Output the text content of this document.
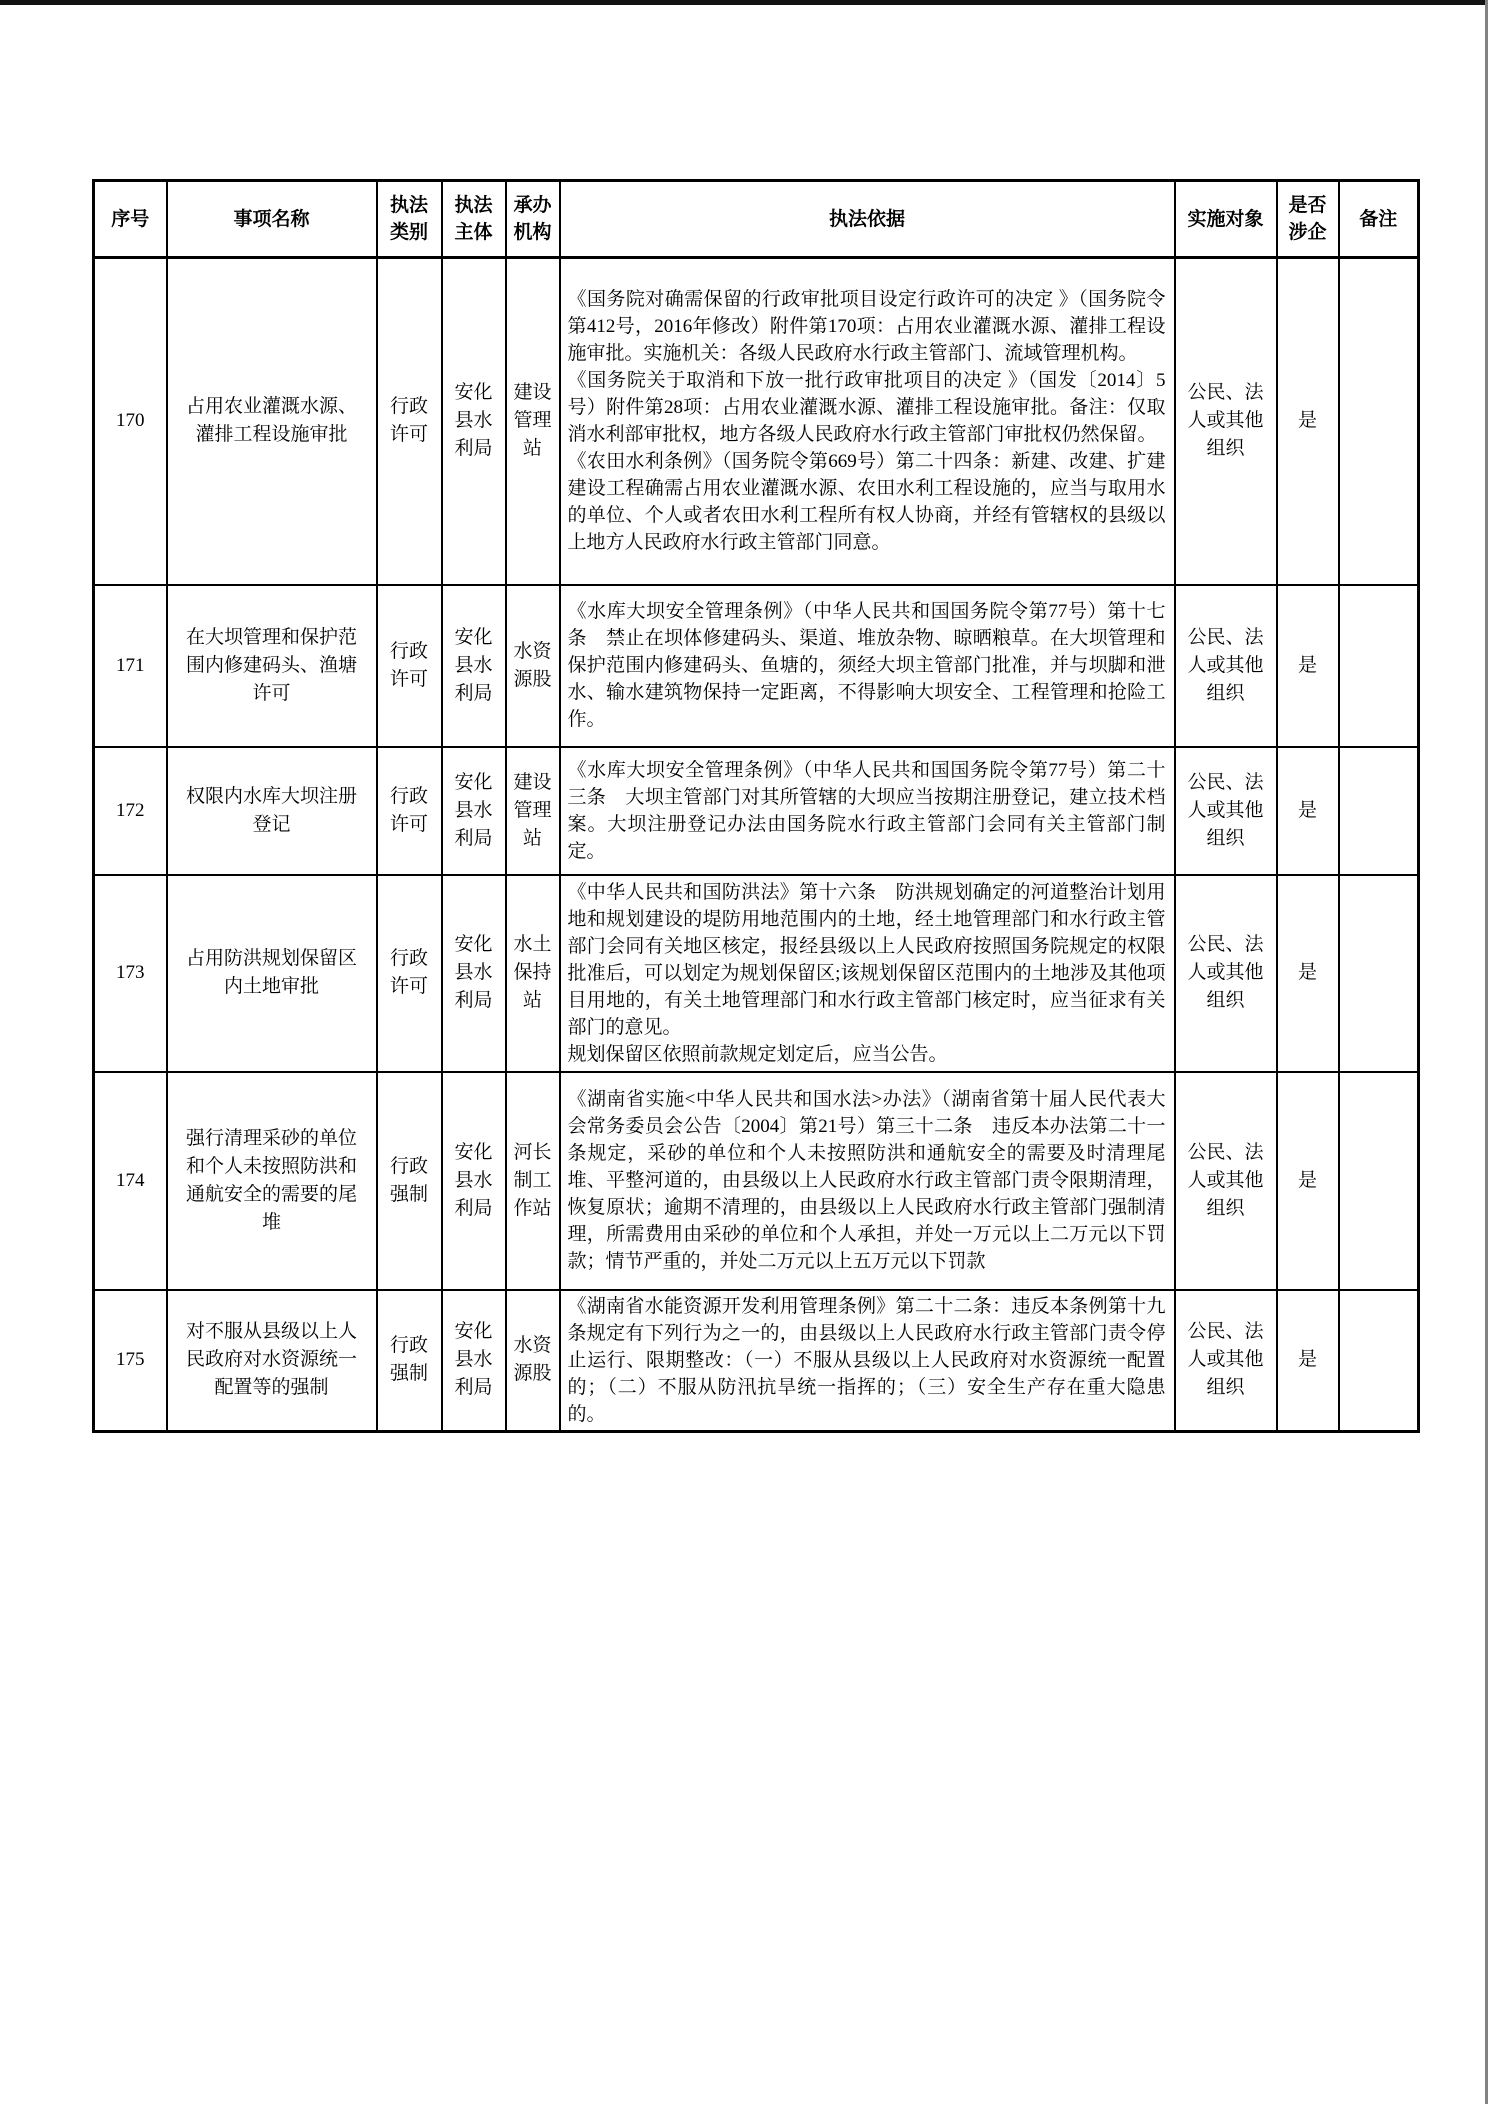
序号	事项名称	执法类别	执法主体	承办机构	执法依据	实施对象	是否涉企	备注
170	占用农业灌溉水源、灌排工程设施审批	行政许可	安化县水利局	建设管理站	《国务院对确需保留的行政审批项目设定行政许可的决定 》（国务院令第412号，2016年修改）附件第170项：占用农业灌溉水源、灌排工程设施审批。实施机关：各级人民政府水行政主管部门、流域管理机构。
《国务院关于取消和下放一批行政审批项目的决定 》（国发〔2014〕5号）附件第28项：占用农业灌溉水源、灌排工程设施审批。备注：仅取消水利部审批权，地方各级人民政府水行政主管部门审批权仍然保留。
《农田水利条例》（国务院令第669号）第二十四条：新建、改建、扩建建设工程确需占用农业灌溉水源、农田水利工程设施的，应当与取用水的单位、个人或者农田水利工程所有权人协商，并经有管辖权的县级以上地方人民政府水行政主管部门同意。	公民、法人或其他组织	是	
171	在大坝管理和保护范围内修建码头、渔塘许可	行政许可	安化县水利局	水资源股	《水库大坝安全管理条例》（中华人民共和国国务院令第77号）第十七条　禁止在坝体修建码头、渠道、堆放杂物、晾晒粮草。在大坝管理和保护范围内修建码头、鱼塘的，须经大坝主管部门批准，并与坝脚和泄水、输水建筑物保持一定距离，不得影响大坝安全、工程管理和抢险工作。	公民、法人或其他组织	是	
172	权限内水库大坝注册登记	行政许可	安化县水利局	建设管理站	《水库大坝安全管理条例》（中华人民共和国国务院令第77号）第二十三条　大坝主管部门对其所管辖的大坝应当按期注册登记，建立技术档案。大坝注册登记办法由国务院水行政主管部门会同有关主管部门制定。	公民、法人或其他组织	是	
173	占用防洪规划保留区内土地审批	行政许可	安化县水利局	水土保持站	《中华人民共和国防洪法》第十六条　防洪规划确定的河道整治计划用地和规划建设的堤防用地范围内的土地，经土地管理部门和水行政主管部门会同有关地区核定，报经县级以上人民政府按照国务院规定的权限批准后，可以划定为规划保留区;该规划保留区范围内的土地涉及其他项目用地的，有关土地管理部门和水行政主管部门核定时，应当征求有关部门的意见。
规划保留区依照前款规定划定后，应当公告。	公民、法人或其他组织	是	
174	强行清理采砂的单位和个人未按照防洪和通航安全的需要的尾堆	行政强制	安化县水利局	河长制工作站	《湖南省实施<中华人民共和国水法>办法》（湖南省第十届人民代表大会常务委员会公告〔2004〕第21号）第三十二条　违反本办法第二十一条规定，采砂的单位和个人未按照防洪和通航安全的需要及时清理尾堆、平整河道的，由县级以上人民政府水行政主管部门责令限期清理，恢复原状；逾期不清理的，由县级以上人民政府水行政主管部门强制清理，所需费用由采砂的单位和个人承担，并处一万元以上二万元以下罚款；情节严重的，并处二万元以上五万元以下罚款	公民、法人或其他组织	是	
175	对不服从县级以上人民政府对水资源统一配置等的强制	行政强制	安化县水利局	水资源股	《湖南省水能资源开发利用管理条例》第二十二条：违反本条例第十九条规定有下列行为之一的，由县级以上人民政府水行政主管部门责令停止运行、限期整改：（一）不服从县级以上人民政府对水资源统一配置的；（二）不服从防汛抗旱统一指挥的；（三）安全生产存在重大隐患的。	公民、法人或其他组织	是	
